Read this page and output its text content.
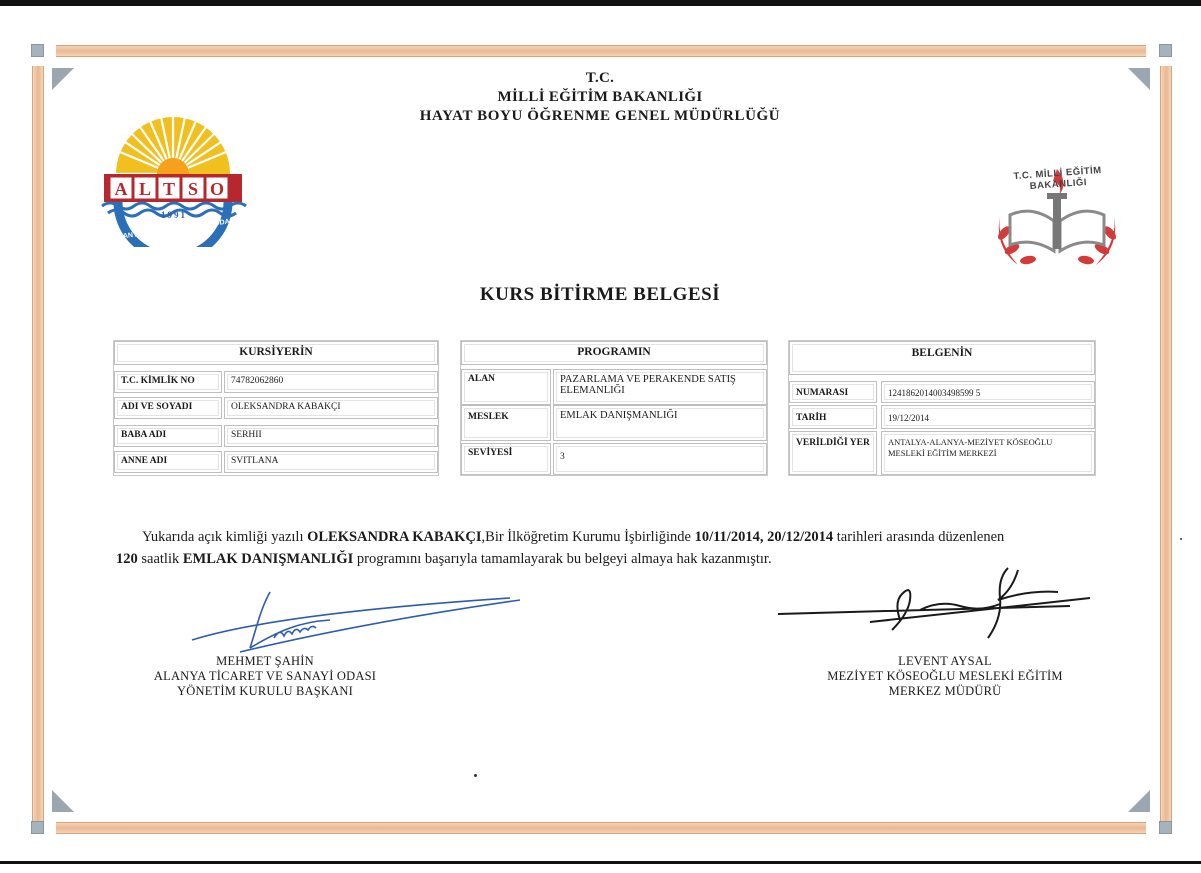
T.C.
MİLLİ EĞİTİM BAKANLIĞI
HAYAT BOYU ÖĞRENME GENEL MÜDÜRLÜĞÜ
A L T S O
1991
ALANYA TİCARET VE SANAYİ ODASI
T.C. MİLLİ EĞİTİM BAKANLIĞI
KURS BİTİRME BELGESİ
KURSİYERİN
T.C. KİMLİK NO	74782062860
ADI VE SOYADI	OLEKSANDRA KABAKÇI
BABA ADI	SERHII
ANNE ADI	SVITLANA
PROGRAMIN
ALAN	PAZARLAMA VE PERAKENDE SATIŞ ELEMANLIĞI
MESLEK	EMLAK DANIŞMANLIĞI
SEVİYESİ	3
BELGENİN
NUMARASI	1241862014003498599 5
TARİH	19/12/2014
VERİLDİĞİ YER	ANTALYA-ALANYA-MEZİYET KÖSEOĞLU MESLEKİ EĞİTİM MERKEZİ
Yukarıda açık kimliği yazılı OLEKSANDRA KABAKÇI,Bir İlköğretim Kurumu İşbirliğinde 10/11/2014, 20/12/2014 tarihleri arasında düzenlenen
120 saatlik EMLAK DANIŞMANLIĞI programını başarıyla tamamlayarak bu belgeyi almaya hak kazanmıştır.
MEHMET ŞAHİN
ALANYA TİCARET VE SANAYİ ODASI
YÖNETİM KURULU BAŞKANI
LEVENT AYSAL
MEZİYET KÖSEOĞLU MESLEKİ EĞİTİM
MERKEZ MÜDÜRÜ
